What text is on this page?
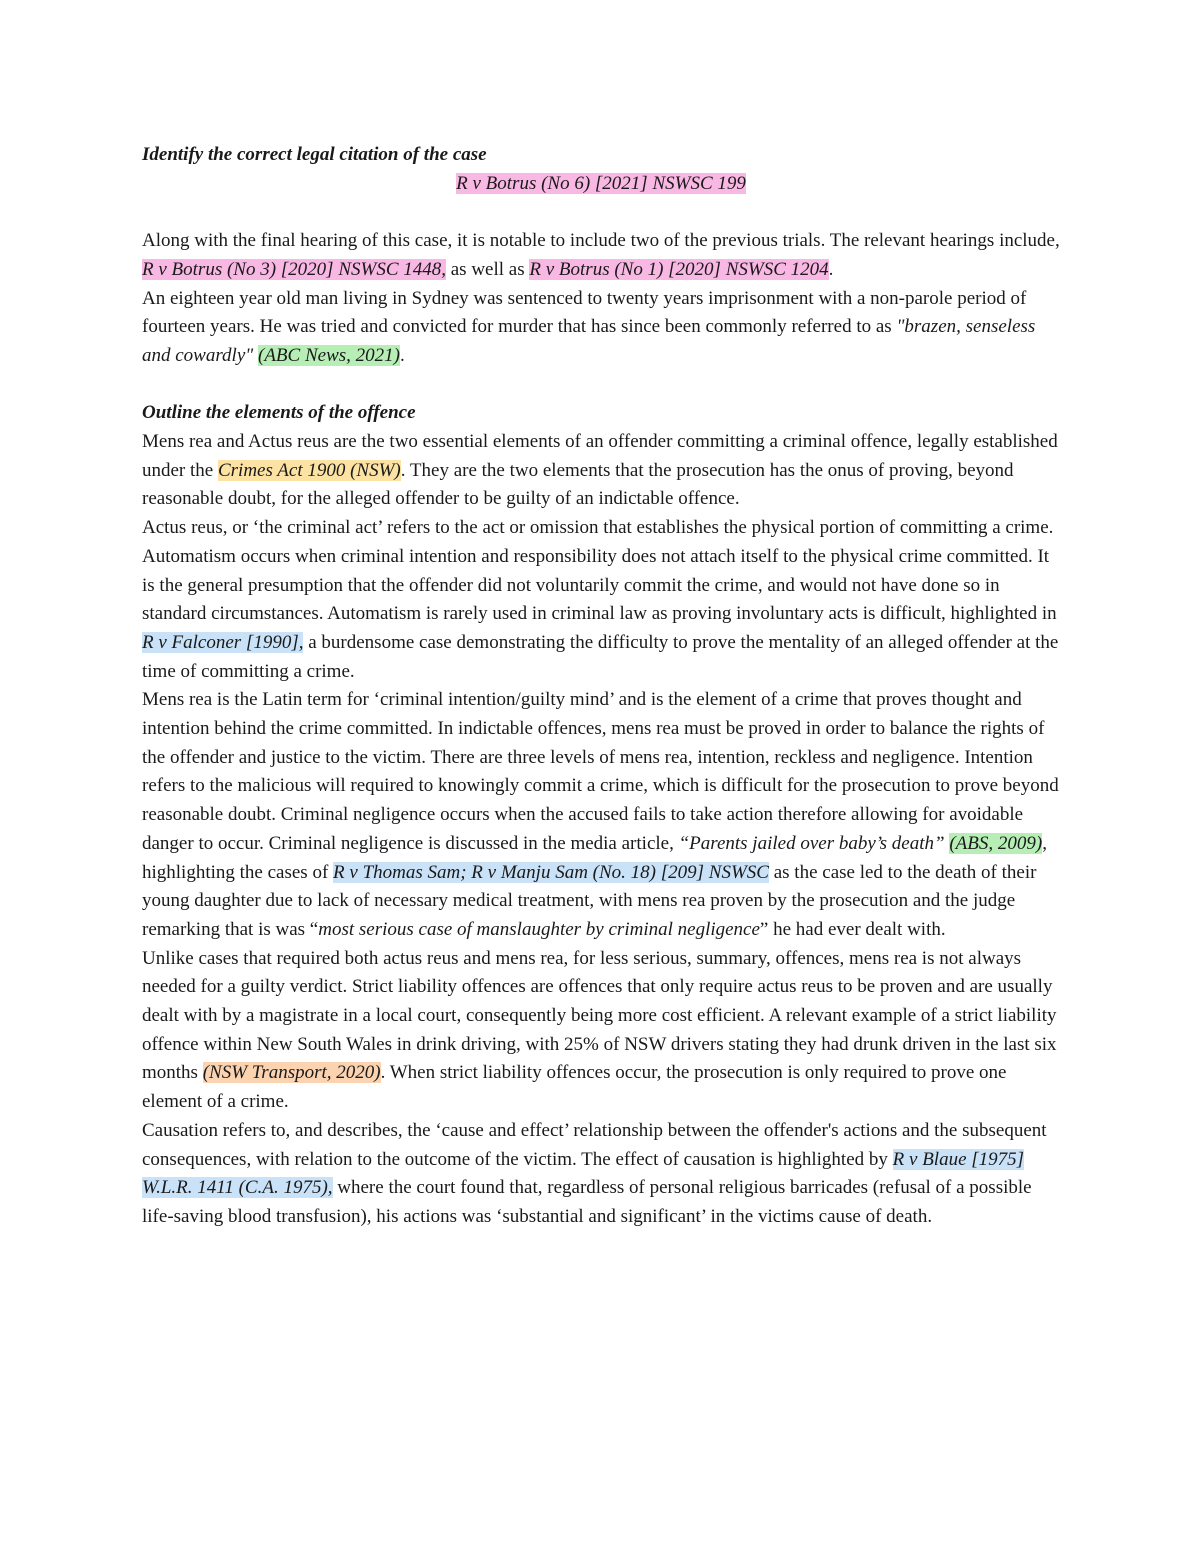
Identify the correct legal citation of the case

R v Botrus (No 6) [2021] NSWSC 199

Along with the final hearing of this case, it is notable to include two of the previous trials. The relevant hearings include, R v Botrus (No 3) [2020] NSWSC 1448, as well as R v Botrus (No 1) [2020] NSWSC 1204.

An eighteen year old man living in Sydney was sentenced to twenty years imprisonment with a non-parole period of fourteen years. He was tried and convicted for murder that has since been commonly referred to as "brazen, senseless and cowardly" (ABC News, 2021).

Outline the elements of the offence

Mens rea and Actus reus are the two essential elements of an offender committing a criminal offence, legally established under the Crimes Act 1900 (NSW). They are the two elements that the prosecution has the onus of proving, beyond reasonable doubt, for the alleged offender to be guilty of an indictable offence.

Actus reus, or ‘the criminal act’ refers to the act or omission that establishes the physical portion of committing a crime. Automatism occurs when criminal intention and responsibility does not attach itself to the physical crime committed. It is the general presumption that the offender did not voluntarily commit the crime, and would not have done so in standard circumstances. Automatism is rarely used in criminal law as proving involuntary acts is difficult, highlighted in R v Falconer [1990], a burdensome case demonstrating the difficulty to prove the mentality of an alleged offender at the time of committing a crime.

Mens rea is the Latin term for ‘criminal intention/guilty mind’ and is the element of a crime that proves thought and intention behind the crime committed. In indictable offences, mens rea must be proved in order to balance the rights of the offender and justice to the victim. There are three levels of mens rea, intention, reckless and negligence. Intention refers to the malicious will required to knowingly commit a crime, which is difficult for the prosecution to prove beyond reasonable doubt. Criminal negligence occurs when the accused fails to take action therefore allowing for avoidable danger to occur. Criminal negligence is discussed in the media article, “Parents jailed over baby’s death” (ABS, 2009), highlighting the cases of R v Thomas Sam; R v Manju Sam (No. 18) [209] NSWSC as the case led to the death of their young daughter due to lack of necessary medical treatment, with mens rea proven by the prosecution and the judge remarking that is was “most serious case of manslaughter by criminal negligence” he had ever dealt with.

Unlike cases that required both actus reus and mens rea, for less serious, summary, offences, mens rea is not always needed for a guilty verdict. Strict liability offences are offences that only require actus reus to be proven and are usually dealt with by a magistrate in a local court, consequently being more cost efficient. A relevant example of a strict liability offence within New South Wales in drink driving, with 25% of NSW drivers stating they had drunk driven in the last six months (NSW Transport, 2020). When strict liability offences occur, the prosecution is only required to prove one element of a crime.

Causation refers to, and describes, the ‘cause and effect’ relationship between the offender's actions and the subsequent consequences, with relation to the outcome of the victim. The effect of causation is highlighted by R v Blaue [1975] W.L.R. 1411 (C.A. 1975), where the court found that, regardless of personal religious barricades (refusal of a possible life-saving blood transfusion), his actions was ‘substantial and significant’ in the victims cause of death.
